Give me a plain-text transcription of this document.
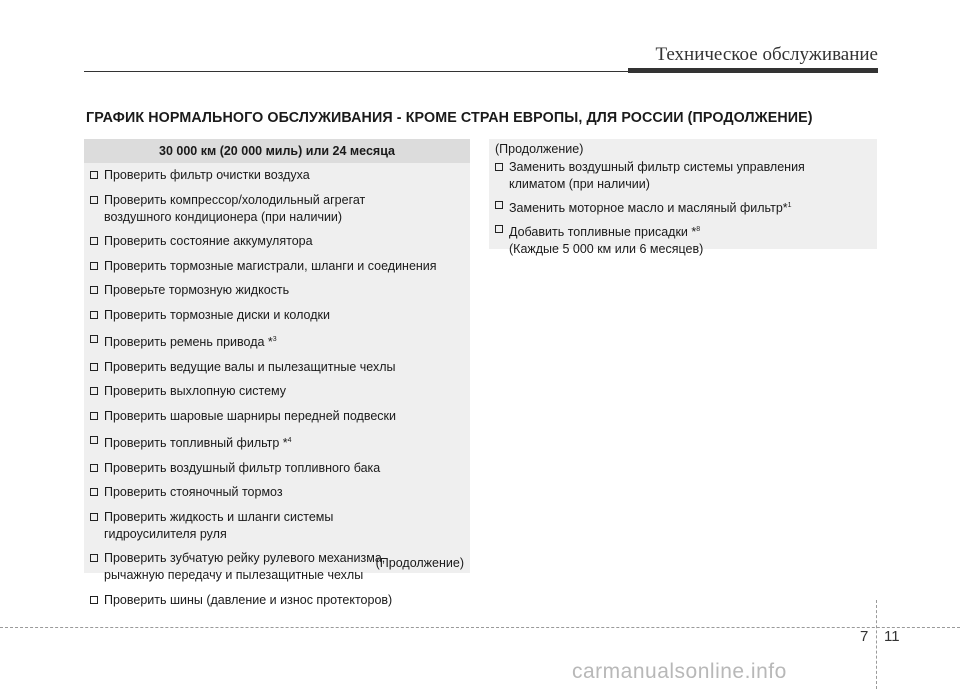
Техническое обслуживание
ГРАФИК НОРМАЛЬНОГО ОБСЛУЖИВАНИЯ - КРОМЕ СТРАН ЕВРОПЫ, ДЛЯ РОССИИ (ПРОДОЛЖЕНИЕ)
30 000 км (20 000 миль) или 24 месяца
Проверить фильтр очистки воздуха
Проверить компрессор/холодильный агрегат
воздушного кондиционера (при наличии)
Проверить состояние аккумулятора
Проверить тормозные магистрали, шланги и соединения
Проверьте тормозную жидкость
Проверить тормозные диски и колодки
Проверить ремень привода *$^3$
Проверить ведущие валы и пылезащитные чехлы
Проверить выхлопную систему
Проверить шаровые шарниры передней подвески
Проверить топливный фильтр *$^4$
Проверить воздушный фильтр топливного бака
Проверить стояночный тормоз
Проверить жидкость и шланги системы
гидроусилителя руля
Проверить зубчатую рейку рулевого механизма,
рычажную передачу и пылезащитные чехлы
Проверить шины (давление и износ протекторов)
(Продолжение)
(Продолжение)
Заменить воздушный фильтр системы управления
климатом (при наличии)
Заменить моторное масло и масляный фильтр*$^1$
Добавить топливные присадки *$^8$
(Каждые 5 000 км или 6 месяцев)
7 11
carmanualsonline.info
